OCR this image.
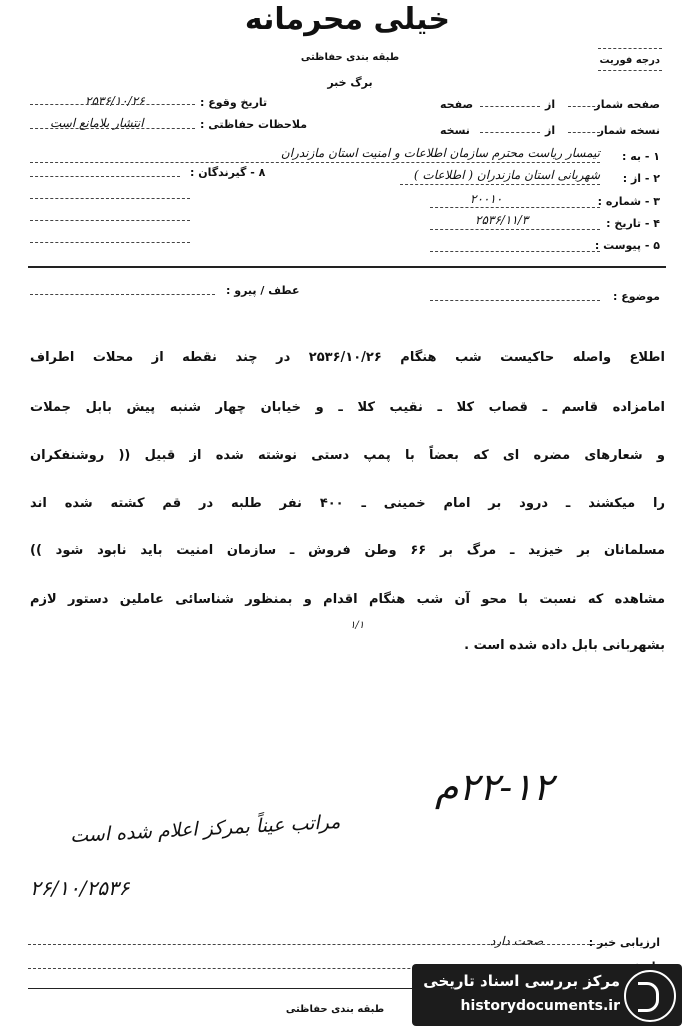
خیلی محرمانه
طبقه بندی حفاظتی
برگ خبر
درجه فوریت
صفحه شمار
از
صفحه
نسخه شمار
از
نسخه
تاریخ وقوع :
۲۵۳۶/۱۰/۲۶
ملاحظات حفاظتی :
انتشار بلامانع است
۱ - به :
تیمسار ریاست محترم سازمان اطلاعات و امنیت استان مازندران
۲ - از :
شهربانی استان مازندران ( اطلاعات )
۸ - گیرندگان :
۳ - شماره :
۲۰۰۱۰
۴ - تاریخ :
۲۵۳۶/۱۱/۳
۵ - پیوست :
موضوع :
عطف / پیرو :
اطلاع واصله حاکیست شب هنگام ۲۵۳۶/۱۰/۲۶ در چند نقطه از محلات اطراف
امامزاده قاسم ـ قصاب کلا ـ نقیب کلا ـ و خیابان چهار شنبه پیش بابل جملات
و شعارهای مضره ای که بعضاً با پمپ دستی نوشته شده از قبیل (( روشنفکران
را میکشند ـ درود بر امام خمینی ـ ۴۰۰ نفر طلبه در قم کشته شده اند
مسلمانان بر خیزید ـ مرگ بر ۶۶ وطن فروش ـ سازمان امنیت باید نابود شود ))
مشاهده که نسبت با محو آن شب هنگام اقدام و بمنظور شناسائی عاملین دستور لازم
بشهربانی بابل داده شده است .
۱/۱
۲۲-۱۲م
مراتب عیناً بمرکز اعلام شده است
۲۶/۱۰/۲۵۳۶
ارزیابی خبر :
صحت دارد
طبقه بندی حفاظتی
مرکز بررسی اسناد تاریخی
historydocuments.ir
